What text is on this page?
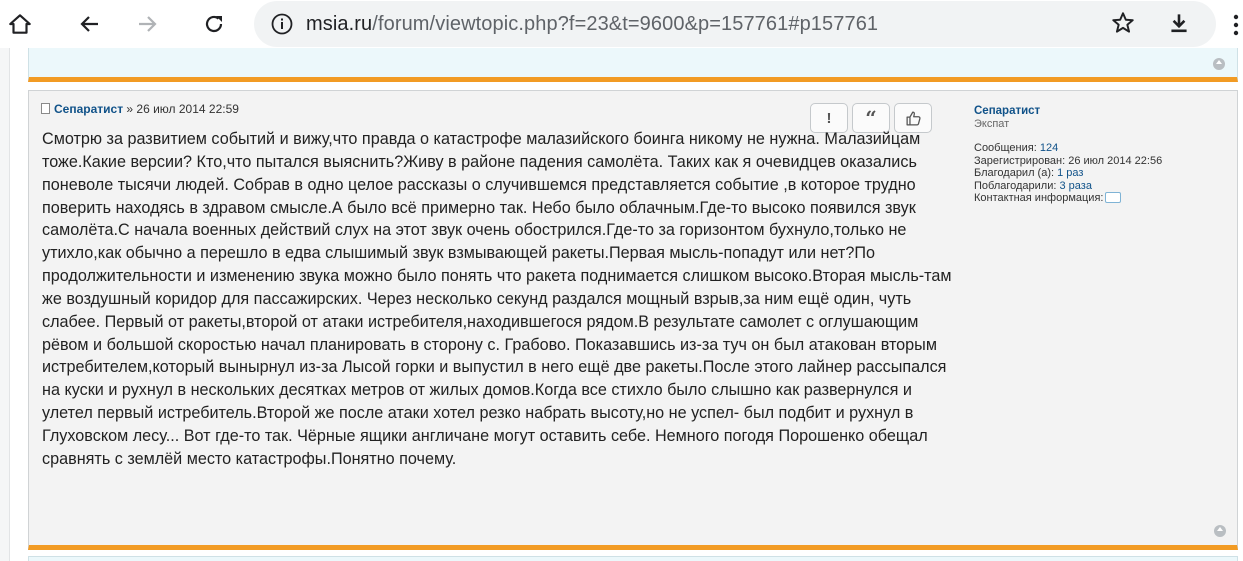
msia.ru/forum/viewtopic.php?f=23&t=9600&p=157761#p157761
Сепаратист » 26 июл 2014 22:59
! “
Смотрю за развитием событий и вижу,что правда о катастрофе малазийского боинга никому не нужна. Малазийцам тоже.Какие версии? Кто,что пытался выяснить?Живу в районе падения самолёта. Таких как я очевидцев оказались поневоле тысячи людей. Собрав в одно целое рассказы о случившемся представляется событие ,в которое трудно поверить находясь в здравом смысле.А было всё примерно так. Небо было облачным.Где-то высоко появился звук самолёта.С начала военных действий слух на этот звук очень обострился.Где-то за горизонтом бухнуло,только не утихло,как обычно а перешло в едва слышимый звук взмывающей ракеты.Первая мысль-попадут или нет?По продолжительности и изменению звука можно было понять что ракета поднимается слишком высоко.Вторая мысль-там же воздушный коридор для пассажирских. Через несколько секунд раздался мощный взрыв,за ним ещё один, чуть слабее. Первый от ракеты,второй от атаки истребителя,находившегося рядом.В результате самолет с оглушающим рёвом и большой скоростью начал планировать в сторону с. Грабово. Показавшись из-за туч он был атакован вторым истребителем,который вынырнул из-за Лысой горки и выпустил в него ещё две ракеты.После этого лайнер рассыпался на куски и рухнул в нескольких десятках метров от жилых домов.Когда все стихло было слышно как развернулся и улетел первый истребитель.Второй же после атаки хотел резко набрать высоту,но не успел- был подбит и рухнул в Глуховском лесу... Вот где-то так. Чёрные ящики англичане могут оставить себе. Немного погодя Порошенко обещал сравнять с землёй место катастрофы.Понятно почему.
Сепаратист
Экспат
Сообщения: 124
Зарегистрирован: 26 июл 2014 22:56
Благодарил (а): 1 раз
Поблагодарили: 3 раза
Контактная информация:
